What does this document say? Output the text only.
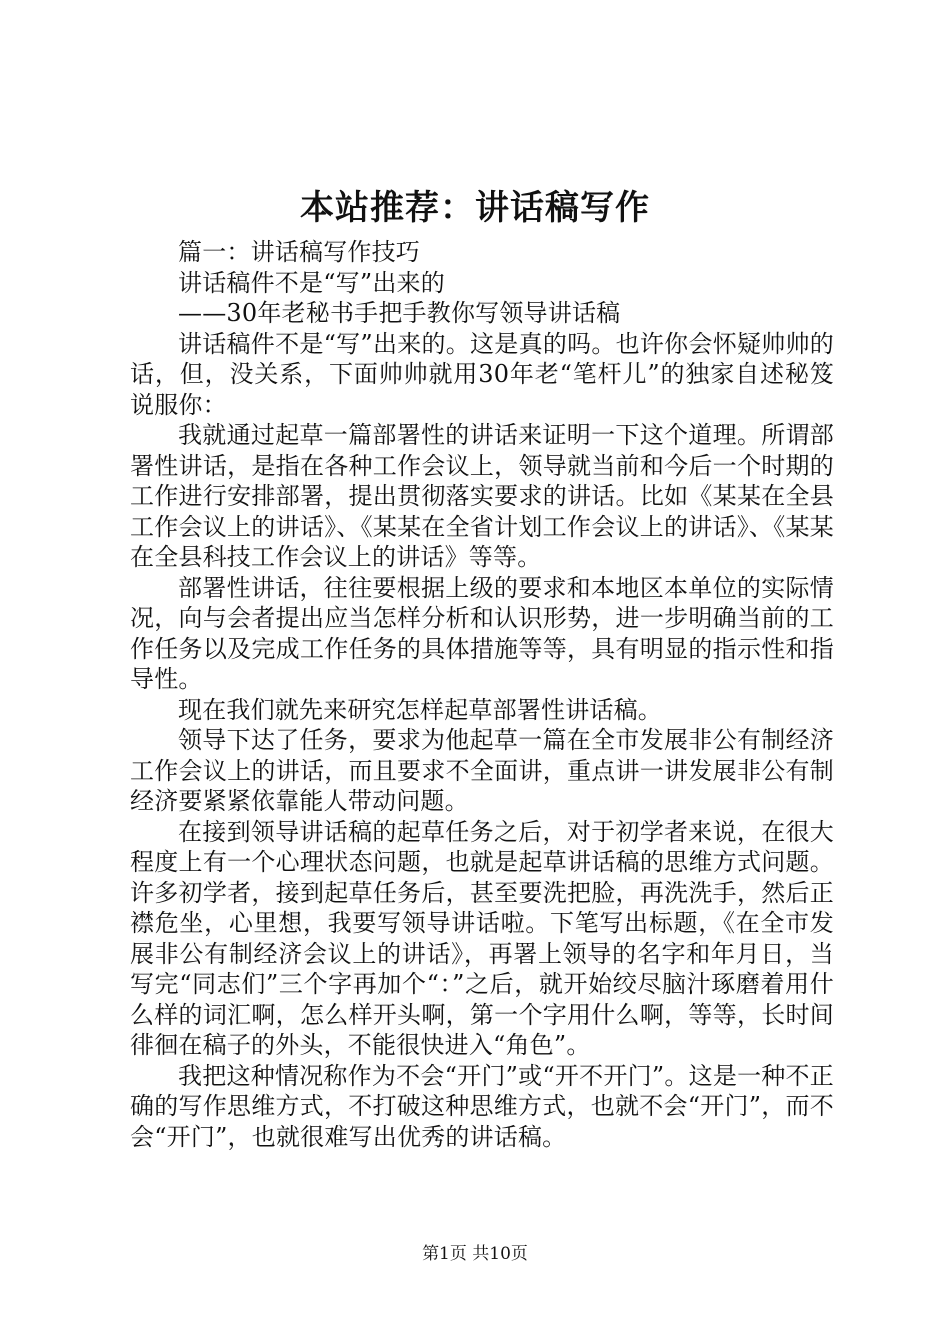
本站推荐：讲话稿写作

篇一：讲话稿写作技巧

讲话稿件不是“写”出来的

——30年老秘书手把手教你写领导讲话稿

讲话稿件不是“写”出来的。这是真的吗。也许你会怀疑帅帅的话，但，没关系，下面帅帅就用30年老“笔杆儿”的独家自述秘笈说服你：

我就通过起草一篇部署性的讲话来证明一下这个道理。所谓部署性讲话，是指在各种工作会议上，领导就当前和今后一个时期的工作进行安排部署，提出贯彻落实要求的讲话。比如《某某在全县工作会议上的讲话》、《某某在全省计划工作会议上的讲话》、《某某在全县科技工作会议上的讲话》等等。

部署性讲话，往往要根据上级的要求和本地区本单位的实际情况，向与会者提出应当怎样分析和认识形势，进一步明确当前的工作任务以及完成工作任务的具体措施等等，具有明显的指示性和指导性。

现在我们就先来研究怎样起草部署性讲话稿。

领导下达了任务，要求为他起草一篇在全市发展非公有制经济工作会议上的讲话，而且要求不全面讲，重点讲一讲发展非公有制经济要紧紧依靠能人带动问题。

在接到领导讲话稿的起草任务之后，对于初学者来说，在很大程度上有一个心理状态问题，也就是起草讲话稿的思维方式问题。许多初学者，接到起草任务后，甚至要洗把脸，再洗洗手，然后正襟危坐，心里想，我要写领导讲话啦。下笔写出标题，《在全市发展非公有制经济会议上的讲话》，再署上领导的名字和年月日，当写完“同志们”三个字再加个“：”之后，就开始绞尽脑汁琢磨着用什么样的词汇啊，怎么样开头啊，第一个字用什么啊，等等，长时间徘徊在稿子的外头，不能很快进入“角色”。

我把这种情况称作为不会“开门”或“开不开门”。这是一种不正确的写作思维方式，不打破这种思维方式，也就不会“开门”，而不会“开门”，也就很难写出优秀的讲话稿。

第1页 共10页
